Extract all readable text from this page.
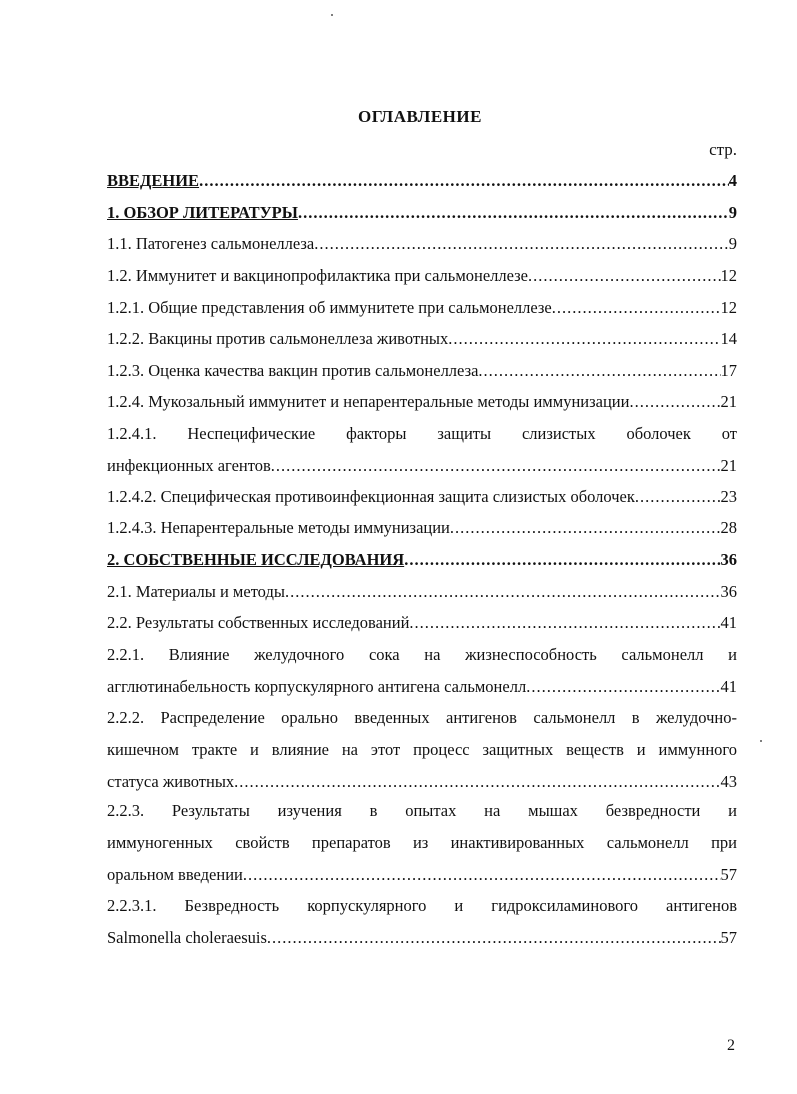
ОГЛАВЛЕНИЕ
стр.
ВВЕДЕНИЕ .....	4
1. ОБЗОР ЛИТЕРАТУРЫ .....	9
1.1. Патогенез сальмонеллеза .....	9
1.2. Иммунитет и вакцинопрофилактика при сальмонеллезе .....	12
1.2.1. Общие представления об иммунитете при сальмонеллезе .....	12
1.2.2. Вакцины против сальмонеллеза животных .....	14
1.2.3. Оценка качества вакцин против сальмонеллеза .....	17
1.2.4. Мукозальный иммунитет и непарентеральные методы иммунизации .....	21
1.2.4.1. Неспецифические факторы защиты слизистых оболочек от
инфекционных агентов .....	21
1.2.4.2. Специфическая противоинфекционная защита слизистых оболочек .....	23
1.2.4.3. Непарентеральные методы иммунизации .....	28
2. СОБСТВЕННЫЕ ИССЛЕДОВАНИЯ .....	36
2.1. Материалы и методы .....	36
2.2. Результаты собственных исследований .....	41
2.2.1. Влияние желудочного сока на жизнеспособность сальмонелл и
агглютинабельность корпускулярного антигена сальмонелл .....	41
2.2.2. Распределение орально введенных антигенов сальмонелл в желудочно-
кишечном тракте и влияние на этот процесс защитных веществ и иммунного
статуса животных .....	43
2.2.3. Результаты изучения в опытах на мышах безвредности и
иммуногенных свойств препаратов из инактивированных сальмонелл при
оральном введении .....	57
2.2.3.1. Безвредность корпускулярного и гидроксиламинового антигенов
Salmonella choleraesuis .....	57
2
